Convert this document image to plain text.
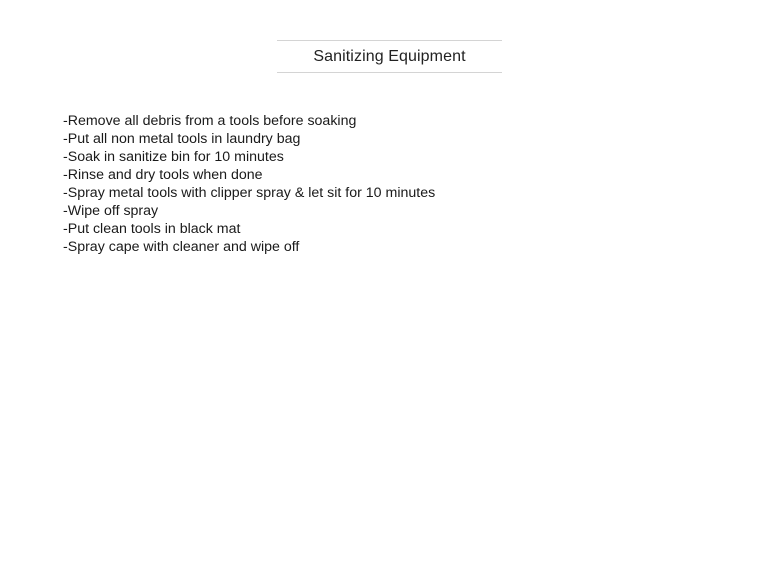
Sanitizing Equipment
-Remove all debris from a tools before soaking
-Put all non metal tools in laundry bag
-Soak in sanitize bin for 10 minutes
-Rinse and dry tools when done
-Spray metal tools with clipper spray & let sit for 10 minutes
-Wipe off spray
-Put clean tools in black mat
-Spray cape with cleaner and wipe off
